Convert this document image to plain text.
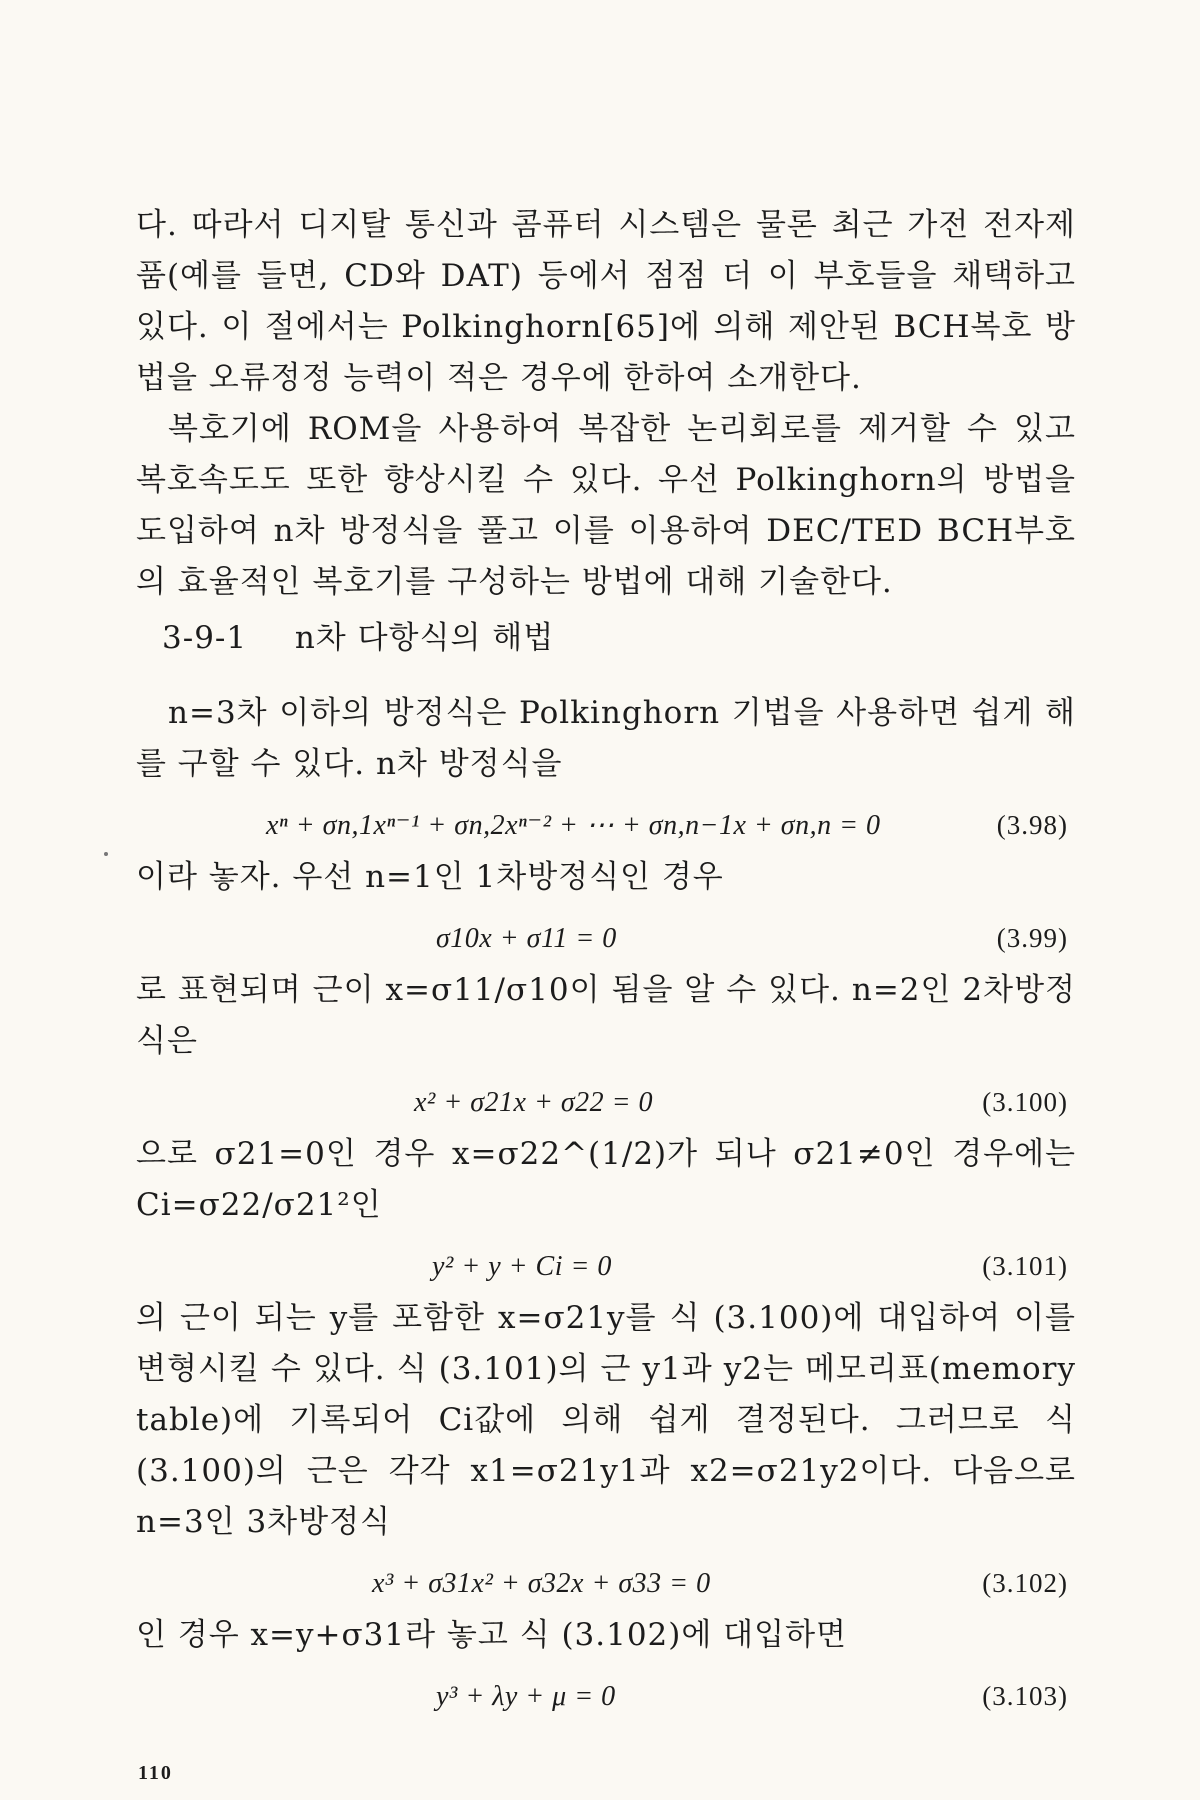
다. 따라서 디지탈 통신과 콤퓨터 시스템은 물론 최근 가전 전자제품(예를 들면, CD와 DAT) 등에서 점점 더 이 부호들을 채택하고 있다. 이 절에서는 Polkinghorn[65]에 의해 제안된 BCH복호 방법을 오류정정 능력이 적은 경우에 한하여 소개한다.

복호기에 ROM을 사용하여 복잡한 논리회로를 제거할 수 있고 복호속도도 또한 향상시킬 수 있다. 우선 Polkinghorn의 방법을 도입하여 n차 방정식을 풀고 이를 이용하여 DEC/TED BCH부호의 효율적인 복호기를 구성하는 방법에 대해 기술한다.

3-9-1 n차 다항식의 해법

n=3차 이하의 방정식은 Polkinghorn 기법을 사용하면 쉽게 해를 구할 수 있다. n차 방정식을

xⁿ + σn,1xⁿ⁻¹ + σn,2xⁿ⁻² + ⋯ + σn,n−1x + σn,n = 0	(3.98)

이라 놓자. 우선 n=1인 1차방정식인 경우

σ10x + σ11 = 0	(3.99)

로 표현되며 근이 x=σ11/σ10이 됨을 알 수 있다. n=2인 2차방정식은

x² + σ21x + σ22 = 0	(3.100)

으로 σ21=0인 경우 x=σ22^(1/2)가 되나 σ21≠0인 경우에는 Ci=σ22/σ21²인

y² + y + Ci = 0	(3.101)

의 근이 되는 y를 포함한 x=σ21y를 식 (3.100)에 대입하여 이를 변형시킬 수 있다. 식 (3.101)의 근 y1과 y2는 메모리표(memory table)에 기록되어 Ci값에 의해 쉽게 결정된다. 그러므로 식 (3.100)의 근은 각각 x1=σ21y1과 x2=σ21y2이다. 다음으로 n=3인 3차방정식

x³ + σ31x² + σ32x + σ33 = 0	(3.102)

인 경우 x=y+σ31라 놓고 식 (3.102)에 대입하면

y³ + λy + μ = 0	(3.103)
110
